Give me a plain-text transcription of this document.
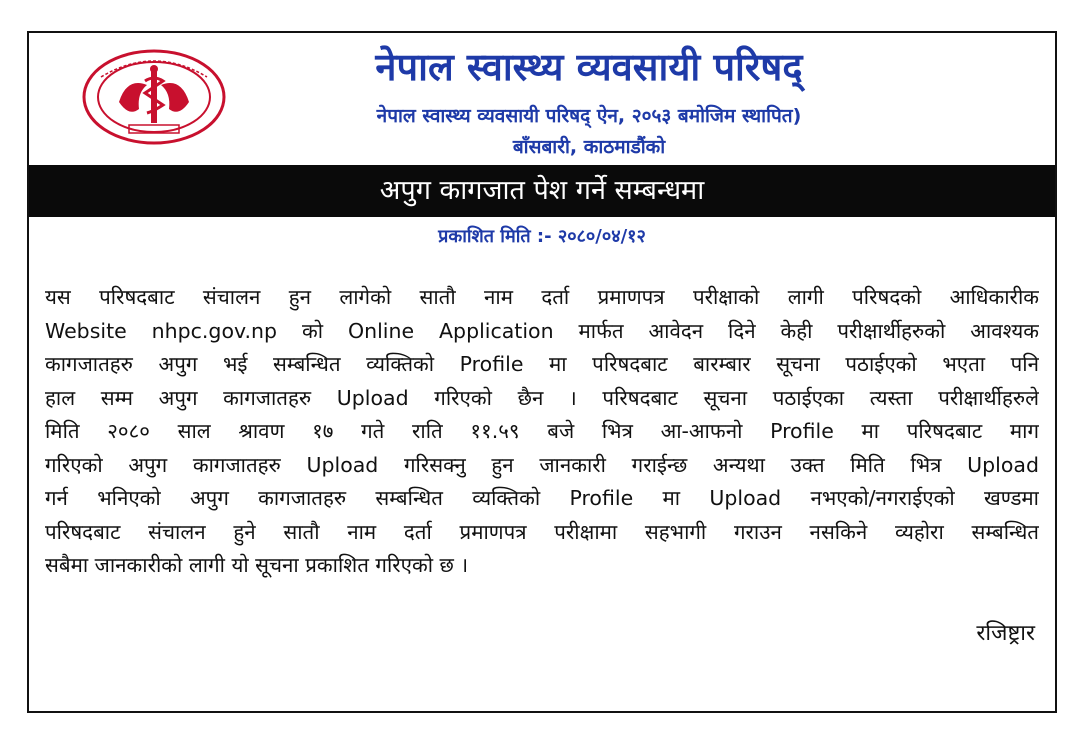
नेपाल स्वास्थ्य व्यवसायी परिषद्
नेपाल स्वास्थ्य व्यवसायी परिषद् ऐन, २०५३ बमोजिम स्थापित)
बाँसबारी, काठमाडौंको
अपुग कागजात पेश गर्ने सम्बन्धमा
प्रकाशित मिति :- २०८०/०४/१२
यस परिषदबाट संचालन हुन लागेको सातौ नाम दर्ता प्रमाणपत्र परीक्षाको लागी परिषदको आधिकारीक
Website nhpc.gov.np को Online Application मार्फत आवेदन दिने केही परीक्षार्थीहरुको आवश्यक
कागजातहरु अपुग भई सम्बन्धित व्यक्तिको Profile मा परिषदबाट बारम्बार सूचना पठाईएको भएता पनि
हाल सम्म अपुग कागजातहरु Upload गरिएको छैन । परिषदबाट सूचना पठाईएका त्यस्ता परीक्षार्थीहरुले
मिति २०८० साल श्रावण १७ गते राति ११.५९ बजे भित्र आ-आफनो Profile मा परिषदबाट माग
गरिएको अपुग कागजातहरु Upload गरिसक्नु हुन जानकारी गराईन्छ अन्यथा उक्त मिति भित्र Upload
गर्न भनिएको अपुग कागजातहरु सम्बन्धित व्यक्तिको Profile मा Upload नभएको/नगराईएको खण्डमा
परिषदबाट संचालन हुने सातौ नाम दर्ता प्रमाणपत्र परीक्षामा सहभागी गराउन नसकिने व्यहोरा सम्बन्धित
सबैमा जानकारीको लागी यो सूचना प्रकाशित गरिएको छ ।
रजिष्ट्रार
